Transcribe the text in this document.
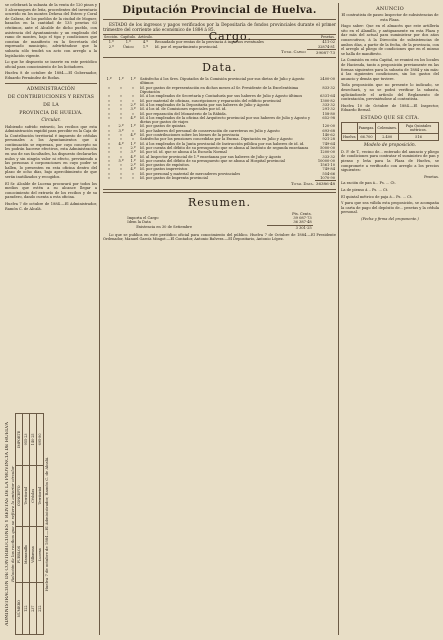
se celebrará la subasta de la venta de 120 pinos y 5 alcornoques de leña, procedentes del inventario ocurrido en los montes Dehesa del Estero y Coral de Cabras, de los pueblos de la ciudad de Moguer, basados en la cantidad de 135 pesetas 63 céntimos, ante el Alcalde de dicho pueblo, con asistencia del Ayuntamiento y un empleado del ramo de montes, bajo el tipo y condiciones que constan de manifiesto en la Secretaría del expresado municipio, advirtiéndose que la subasta sólo tendrá un acto con arreglo a la legislación vigente.

Lo que he dispuesto se inserte en este periódico oficial para conocimiento de los licitadores.

Huelva 8 de octubre de 1884.—El Gobernador, Eduardo Fernández de Rodas.

ADMINISTRACIÓN
DE CONTRIBUCIONES Y RENTAS
DE LA
PROVINCIA DE HUELVA.
Circular.

Habiendo sufrido extravío, los recibos que esta Administración expidió para percibir en la Caja de la Contribución territorial é impuesto de cédulas personales a los Ayuntamientos que á continuación se expresan, por cuyo concepto no les podrán hacerse efectivos, esta Administración en uso de sus facultades, ha dispuesto declararlos nulos y sin ningún valor ni efecto, previniendo a las personas ó corporaciones en cuyo poder se hallen, lo presenten en esta oficina dentro del plazo de ocho días, bajo apercibimiento de que serán inutilizados y recogidos.

El Sr. Alcalde de Lucena procurará por todos los medios que estén a su alcance llegar a conocimiento del extravío de los recibos y de su paradero, dando cuenta a esta oficina.

Huelva 7 de octubre de 1884.—El Administrador, Ramón C. de Alcalá.

ADMINISTRACIÓN DE CONTRIBUCIONES Y RENTAS DE LA PROVINCIA DE HUELVA Relación de los recibos que se refiere la anterior circular
NÚMERO	PUEBLOS	CONCEPTO	IMPORTE
122	Manzanilla	Territorial	955·23
237	Villarrasa	Cédulas	140·25
222	Lucena	Territorial	695·80
Huelva 7 de octubre de 1884.—El Administrador, Ramón C. de Alcalá.
Diputación Provincial de Huelva.

ESTADO de los ingresos y pagos verificados por la Depositaría de fondos provinciales durante el primer trimestre del corriente año económico de 1884 á 85.

Sección.	Capítulo.	Artículo.	Cargo.	Pesetas.
1.º	1.º	4.º	Recaudado por rentas de la provincia á ingresos eventuales	411·02
2.º	Único	1.º	Id. por el repartimiento provincial.	32874·81
Total Cargo				39087·73
Data.
1.º	1.º	1.º	Satisfecho á los Sres. Diputados de la Comisión provincial por sus dietas de Julio y Agosto últimos	2400·00
»	»	»	Id. por gastos de representación en dichos meses al Sr. Presidente de la Excelentísima Diputación	833·32
»	»	»	Id. á los empleados de Secretaría y Contaduría por sus haberes de Julio y Agosto últimos	6331·64
»	»	»	Id. por material de oficinas, suscripciones y reparación del edificio provincial	1300·82
»	»	2.º	Id. á los empleados de la Depositaría por sus haberes de Julio y Agosto	333·32
»	»	3.º	Id. á los id. de Comisiones especiales por id. id.	291·32
»	»	»	Id. por reparación del Monasterio de la Rábida.	158·80
»	»	4.º	Id. á los empleados de la oficina del Arquitecto provincial por sus haberes de Julio y Agosto y dietas por gastos de viajes	652·98
»	2.º	1.º	Id. por gastos de quintas.	120·00
»	3.º	»	Id. por haberes del personal de conservación de carreteras en Julio y Agosto	693·68
»	»	4.º	Id. por contribuciones sobre los bienes de la provincia	140·62
»	»	»	Satisfecho por los pensiones concedidas por la Excma. Diputación en Julio y Agosto	921·28
»	4.º	1.º	Id. á los empleados de la Junta provincial de Instrucción pública por sus haberes de id. id.	749·64
»	»	2.º	Id. por cuenta del débito de su presupuesto que se abona al Instituto de segunda enseñanza	5000·00
»	»	3.º	Id. por id. id. que se abona á la Escuela Normal	1200·00
»	»	4.º	Id. al Inspector provincial de 1.ª enseñanza por sus haberes de Julio y Agosto	333·32
»	5.º	1.º	Id. por cuenta del débito de su presupuesto que se abona al Hospital provincial	10000·00
»	»	2.º	Id. por gastos de expósitos.	1561·10
»	»	4.º	Id. por gastos imprevistos	749·84
»	»	»	Id. por personal y material de mercaderes provinciales	554·66
»	»	»	Id. por gastos de Imprenta provincial	1070·90
Total Data.				36386·48
Resumen.
	Pts. Cents.
Importa el Cargo	39 087·73
Idem la Data	36 387·48
Existencia en 30 de Setiembre	3 301·25

Lo que se publica en este periódico oficial para conocimiento del público. Huelva 7 de Octubre de 1884.—El Presidente Ordenador, Manuel García Mingot.—El Contador, Antonio Balvera.—El Depositario, Antonio López.

ANUNCIO

El contratista de paseo Inspector de subsistencias de esta Plaza.

Hago saber: Que en el almacén que este artillería sito en el Alamillo, y antiguamente en esta Plaza y dar más del actual para suministrar por dos años consecutivos, á la Dirección de subsistencias de ambos días, a partir de la fecha, de la provincia, con el arreglo al pliego de condiciones que en el mismo se halla de manifiesto.

La Comisión en esta Capital, se reunirá en los locales de Hacienda, tanto a proposición previamente en las formas siguientes para la subasta de 1884 y sin más: á las siguientes condiciones, sin los gastos del anuncio y demás que tuviere.

Toda proposición que no presente lo indicado, se desechará, y no se podrá verificar la subasta, aplicándosele el artículo del Reglamento de contratación, previniéndose al contratista.

Huelva 10 de Octubre de 1884.—El Inspector, Eduardo Bernal.

ESTADO QUE SE CITA.
	Fanegas.	Celemines.	Paja Quintales métricos.
Huelva	66.700	2.400	516
Modelo de proposición.

D. F. de T., vecino de... enterado del anuncio y pliego de condiciones para contratar el suministro de pan y pienso y leña para la Plaza de Huelva, se compromete a verificarlo con arreglo a los precios siguientes:

Pesetas.

La ración de pan á... Ps. ... Ct.

La de pienso á... Ps. ... Ct.

El quintal métrico de paja á... Ps. ... Ct.

Y para que sea válida esta proposición, se acompaña la carta de pago del depósito de... pesetas y la cédula personal.

(Fecha y firma del proponente.)
